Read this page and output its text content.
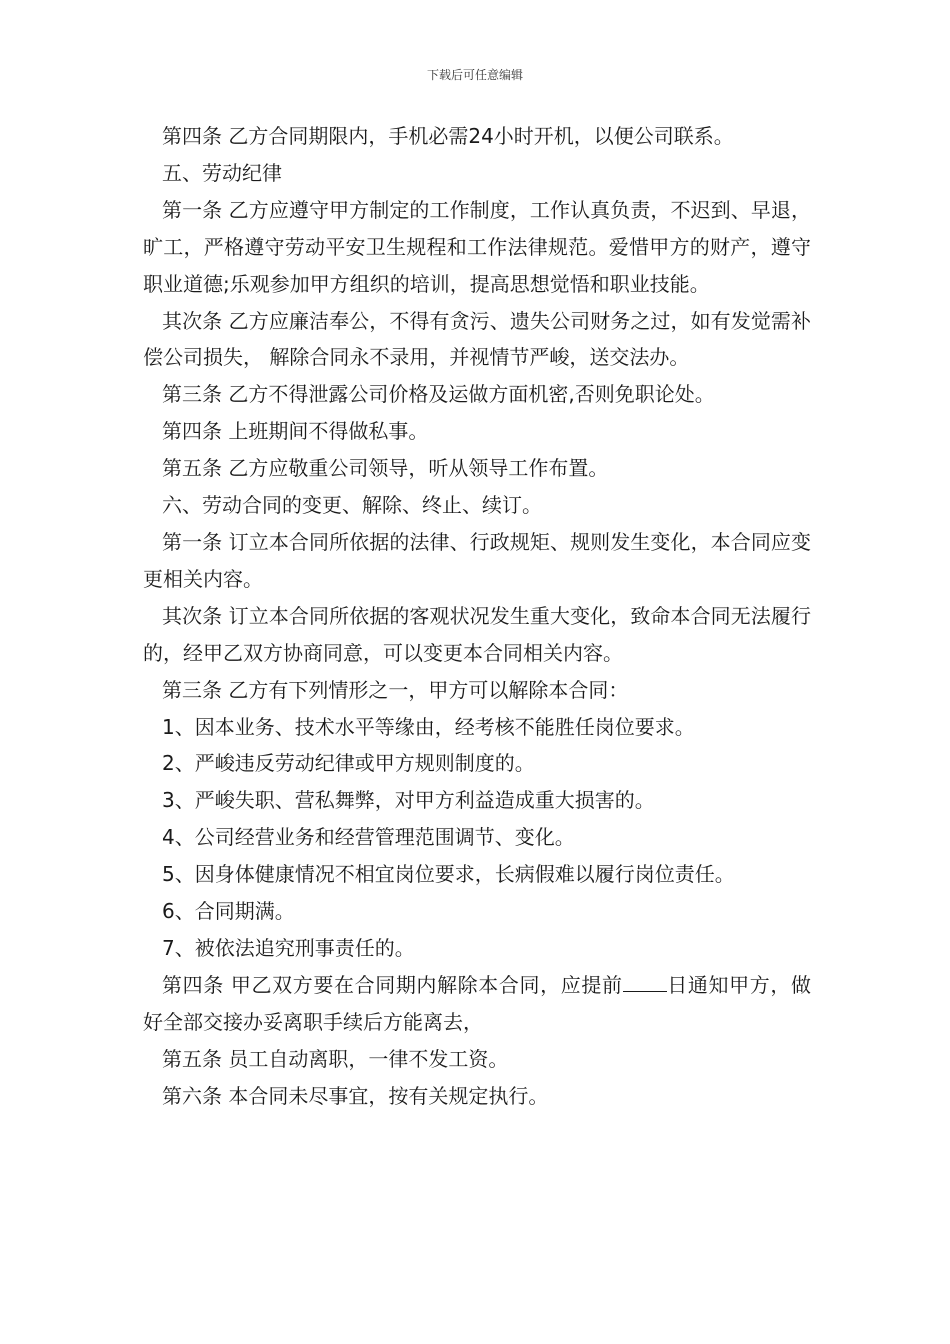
下载后可任意编辑

第四条 乙方合同期限内，手机必需24小时开机，以便公司联系。

五、劳动纪律

第一条 乙方应遵守甲方制定的工作制度，工作认真负责，不迟到、早退，旷工，严格遵守劳动平安卫生规程和工作法律规范。爱惜甲方的财产，遵守职业道德;乐观参加甲方组织的培训，提高思想觉悟和职业技能。

其次条 乙方应廉洁奉公，不得有贪污、遗失公司财务之过，如有发觉需补偿公司损失， 解除合同永不录用，并视情节严峻，送交法办。

第三条 乙方不得泄露公司价格及运做方面机密,否则免职论处。

第四条 上班期间不得做私事。

第五条 乙方应敬重公司领导，听从领导工作布置。

六、劳动合同的变更、解除、终止、续订。

第一条 订立本合同所依据的法律、行政规矩、规则发生变化，本合同应变更相关内容。

其次条 订立本合同所依据的客观状况发生重大变化，致命本合同无法履行的，经甲乙双方协商同意，可以变更本合同相关内容。

第三条 乙方有下列情形之一，甲方可以解除本合同：

1、因本业务、技术水平等缘由，经考核不能胜任岗位要求。

2、严峻违反劳动纪律或甲方规则制度的。

3、严峻失职、营私舞弊，对甲方利益造成重大损害的。

4、公司经营业务和经营管理范围调节、变化。

5、因身体健康情况不相宜岗位要求，长病假难以履行岗位责任。

6、合同期满。

7、被依法追究刑事责任的。

第四条 甲乙双方要在合同期内解除本合同，应提前 日通知甲方，做好全部交接办妥离职手续后方能离去，

第五条 员工自动离职，一律不发工资。

第六条 本合同未尽事宜，按有关规定执行。
